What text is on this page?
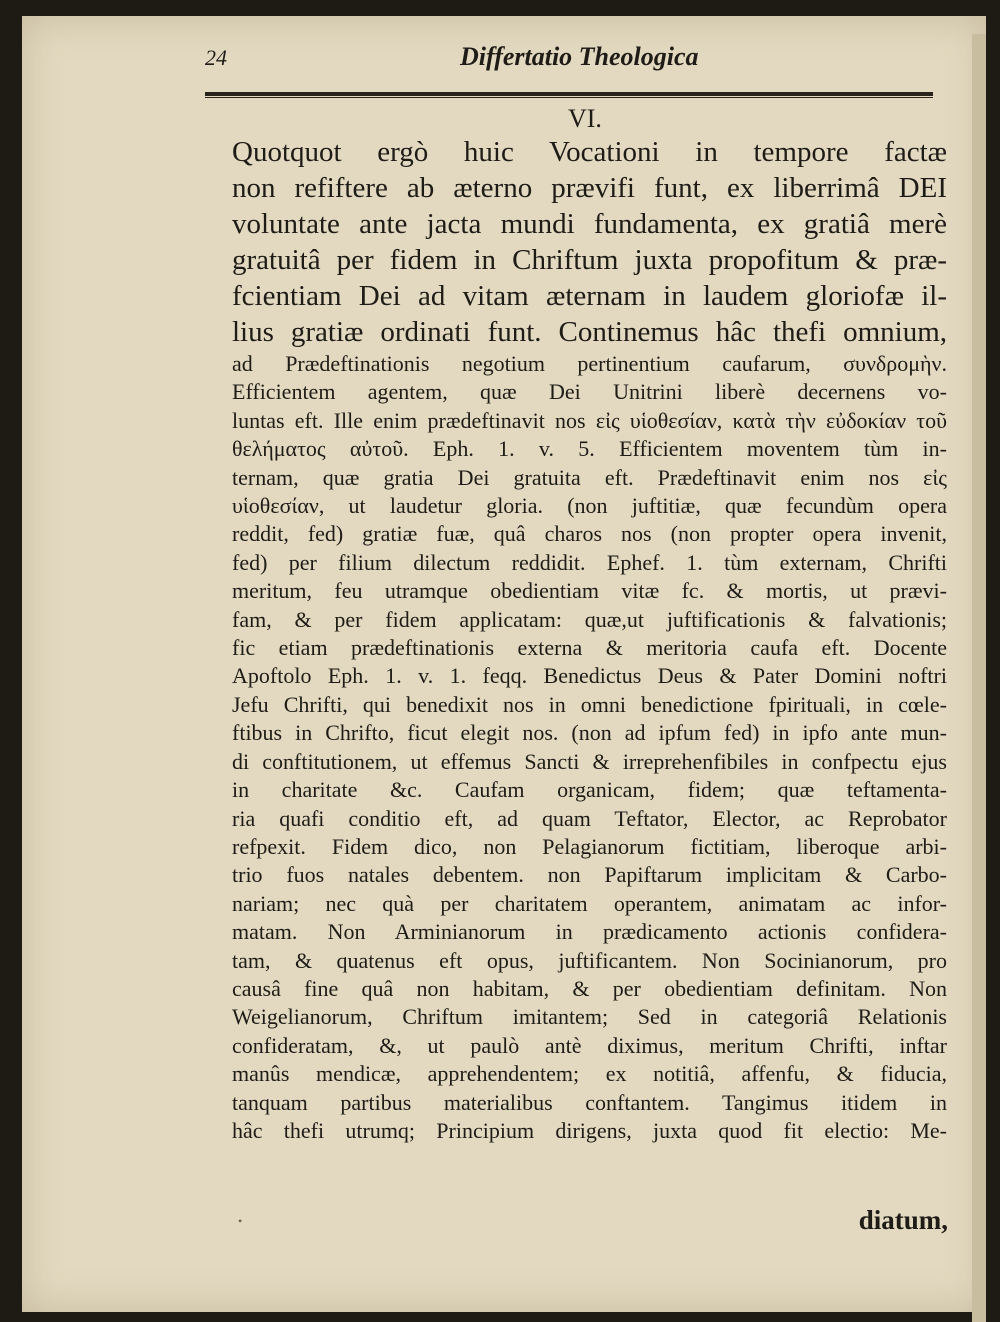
24	Differtatio Theologica
VI.
Quotquot ergò huic Vocationi in tempore factæ
non refiftere ab æterno prævifi funt, ex liberrimâ DEI
voluntate ante jacta mundi fundamenta, ex gratiâ merè
gratuitâ per fidem in Chriftum juxta propofitum & præ-
fcientiam Dei ad vitam æternam in laudem gloriofæ il-
lius gratiæ ordinati funt. Continemus hâc thefi omnium,
ad Prædeftinationis negotium pertinentium caufarum, συνδρομὴν.
Efficientem agentem, quæ Dei Unitrini liberè decernens vo-
luntas eft. Ille enim prædeftinavit nos εἰς υἱοθεσίαν, κατὰ τὴν εὐδοκίαν τοῦ
θελήματος αὐτοῦ. Eph. 1. v. 5. Efficientem moventem tùm in-
ternam, quæ gratia Dei gratuita eft. Prædeftinavit enim nos εἰς
υἱοθεσίαν, ut laudetur gloria. (non juftitiæ, quæ fecundùm opera
reddit, fed) gratiæ fuæ, quâ charos nos (non propter opera invenit,
fed) per filium dilectum reddidit. Ephef. 1. tùm externam, Chrifti
meritum, feu utramque obedientiam vitæ fc. & mortis, ut prævi-
fam, & per fidem applicatam: quæ,ut juftificationis & falvationis;
fic etiam prædeftinationis externa & meritoria caufa eft. Docente
Apoftolo Eph. 1. v. 1. feqq. Benedictus Deus & Pater Domini noftri
Jefu Chrifti, qui benedixit nos in omni benedictione fpirituali, in cœle-
ftibus in Chrifto, ficut elegit nos. (non ad ipfum fed) in ipfo ante mun-
di conftitutionem, ut effemus Sancti & irreprehenfibiles in confpectu ejus
in charitate &c. Caufam organicam, fidem; quæ teftamenta-
ria quafi conditio eft, ad quam Teftator, Elector, ac Reprobator
refpexit. Fidem dico, non Pelagianorum fictitiam, liberoque arbi-
trio fuos natales debentem. non Papiftarum implicitam & Carbo-
nariam; nec quà per charitatem operantem, animatam ac infor-
matam. Non Arminianorum in prædicamento actionis confidera-
tam, & quatenus eft opus, juftificantem. Non Socinianorum, pro
causâ fine quâ non habitam, & per obedientiam definitam. Non
Weigelianorum, Chriftum imitantem; Sed in categoriâ Relationis
confideratam, &, ut paulò antè diximus, meritum Chrifti, inftar
manûs mendicæ, apprehendentem; ex notitiâ, affenfu, & fiducia,
tanquam partibus materialibus conftantem. Tangimus itidem in
hâc thefi utrumq; Principium dirigens, juxta quod fit electio: Me-
•	diatum,
